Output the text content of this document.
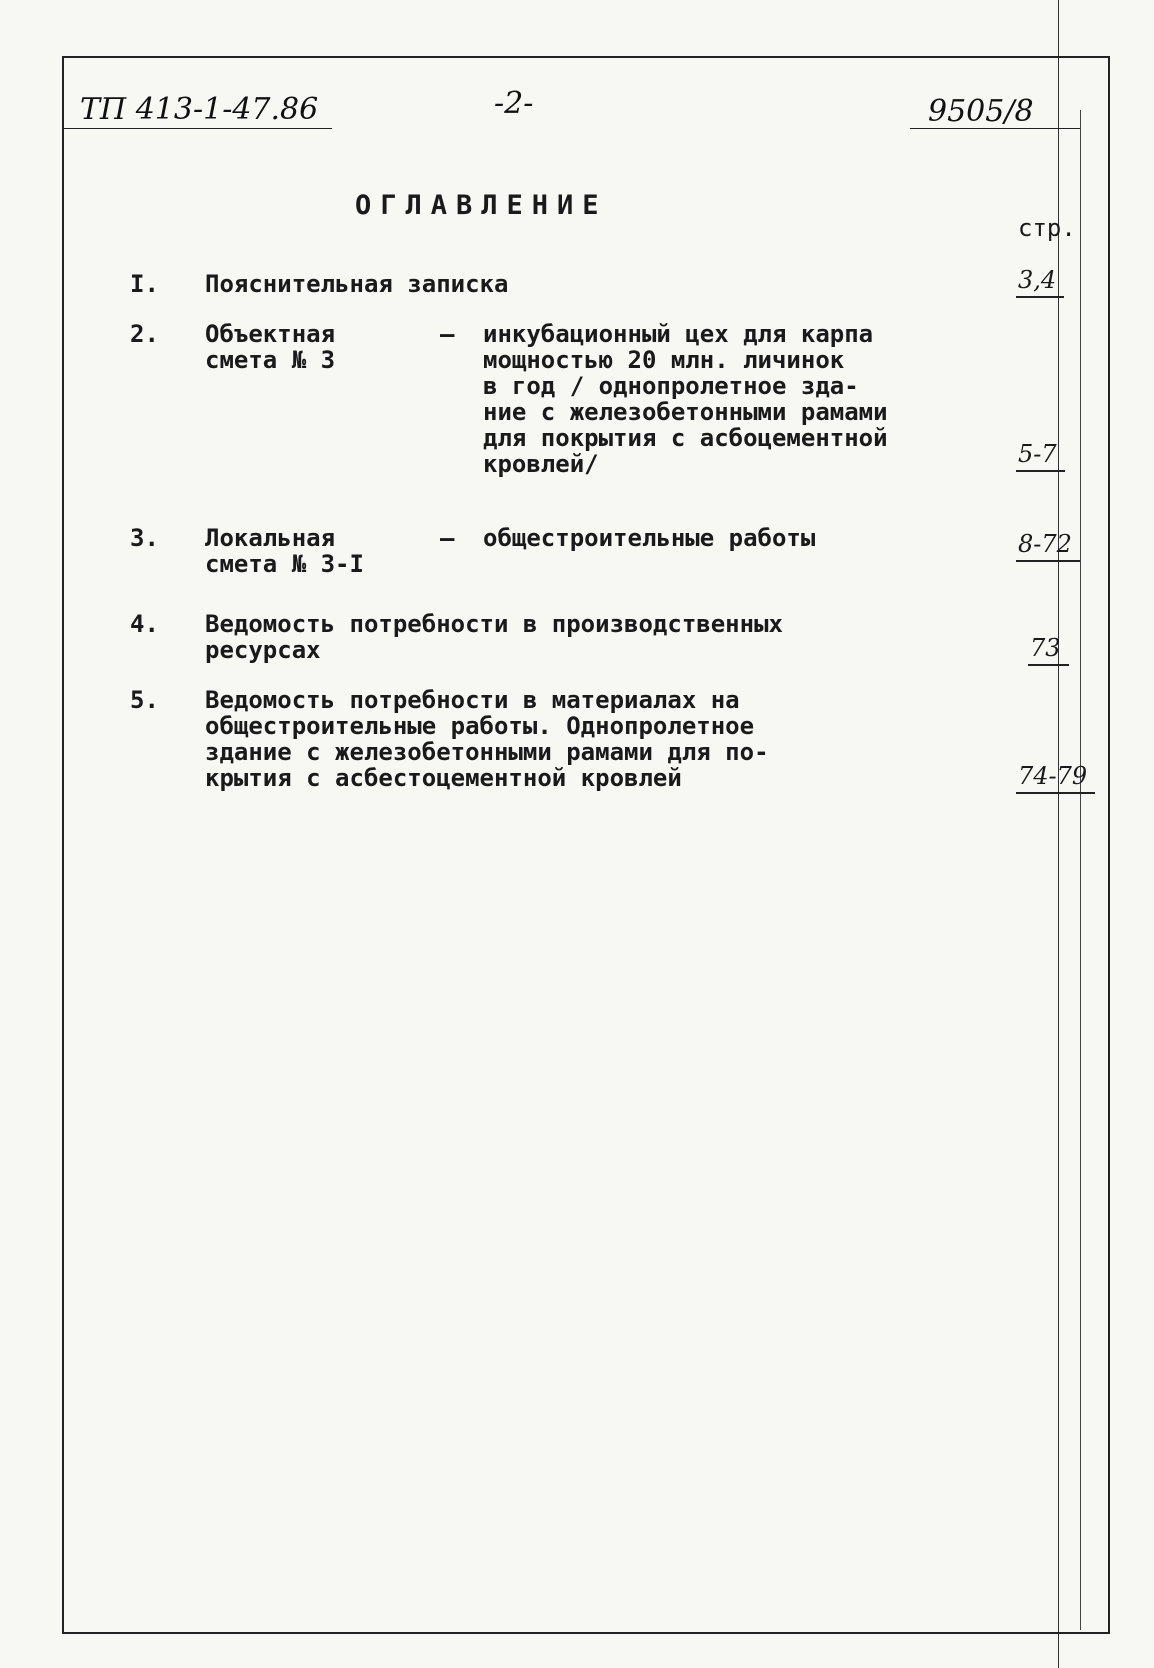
ТП 413-1-47.86	-2-	9505/8
ОГЛАВЛЕНИЕ
стр.
I. Пояснительная записка	3,4
2. Объектная
смета № 3
– инкубационный цех для карпа
мощностью 20 млн. личинок
в год / однопролетное зда-
ние с железобетонными рамами
для покрытия с асбоцементной
кровлей/	5-7
3. Локальная
смета № 3-I
– общестроительные работы	8-72
4. Ведомость потребности в производственных
ресурсах	73
5. Ведомость потребности в материалах на
общестроительные работы. Однопролетное
здание с железобетонными рамами для по-
крытия с асбестоцементной кровлей	74-79
